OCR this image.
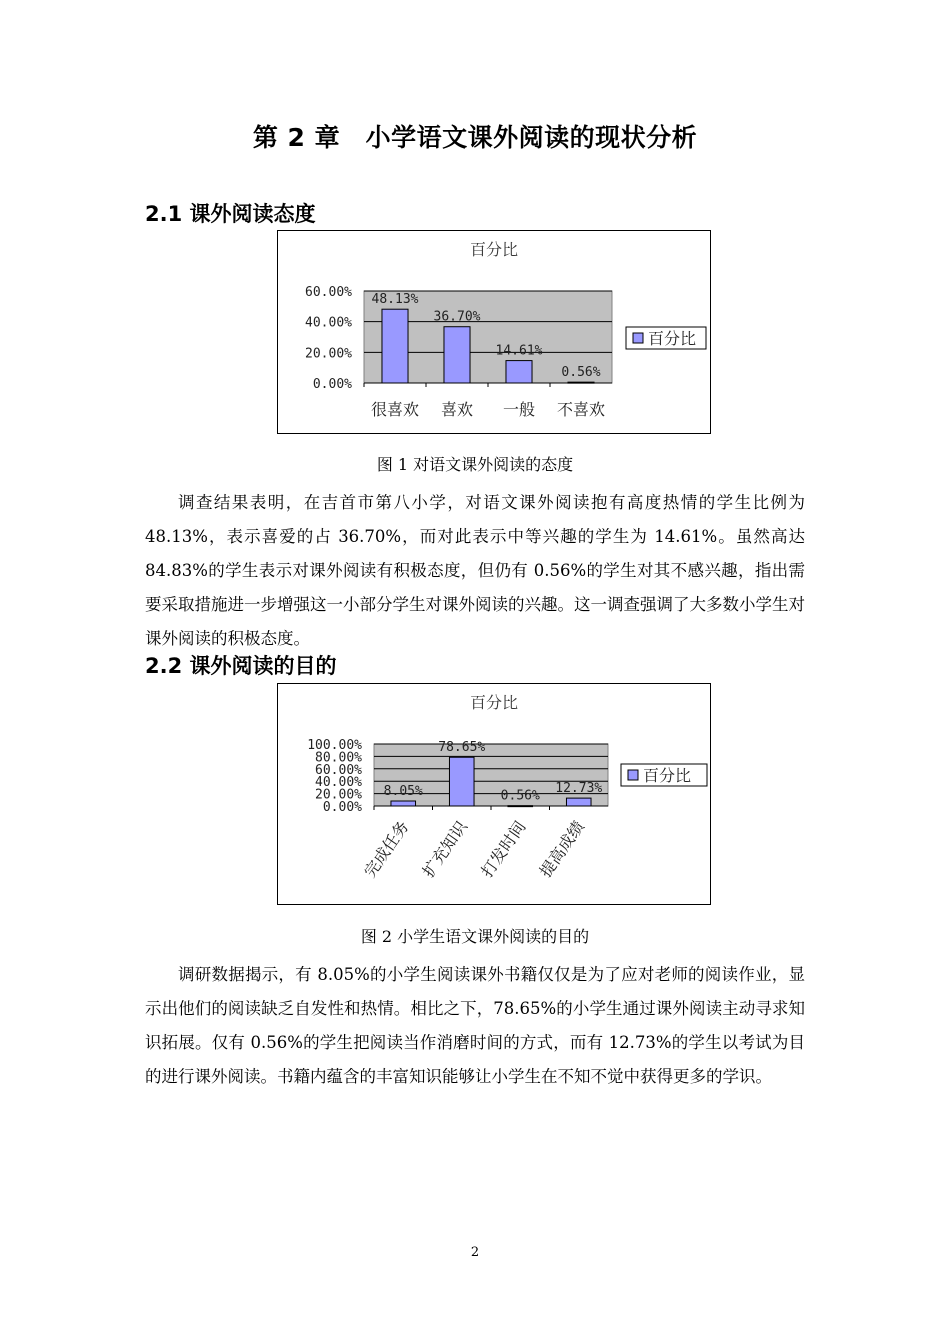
第 2 章　小学语文课外阅读的现状分析
2.1 课外阅读态度
百分比
0.00%
20.00%
40.00%
60.00% 48.13%
很喜欢
36.70%
喜欢
14.61%
一般
0.56%
不喜欢
百分比
图 1 对语文课外阅读的态度

调查结果表明，在吉首市第八小学，对语文课外阅读抱有高度热情的学生比例为 48.13%，表示喜爱的占 36.70%，而对此表示中等兴趣的学生为 14.61%。虽然高达 84.83%的学生表示对课外阅读有积极态度，但仍有 0.56%的学生对其不感兴趣，指出需要采取措施进一步增强这一小部分学生对课外阅读的兴趣。这一调查强调了大多数小学生对课外阅读的积极态度。

2.2 课外阅读的目的
百分比
0.00%
20.00%
40.00%
60.00%
80.00%
100.00%
8.05%
完成任务
78.65%
扩充知识
0.56%
打发时间
12.73%
提高成绩
百分比
图 2 小学生语文课外阅读的目的

调研数据揭示，有 8.05%的小学生阅读课外书籍仅仅是为了应对老师的阅读作业，显示出他们的阅读缺乏自发性和热情。相比之下，78.65%的小学生通过课外阅读主动寻求知识拓展。仅有 0.56%的学生把阅读当作消磨时间的方式，而有 12.73%的学生以考试为目的进行课外阅读。书籍内蕴含的丰富知识能够让小学生在不知不觉中获得更多的学识。

2
